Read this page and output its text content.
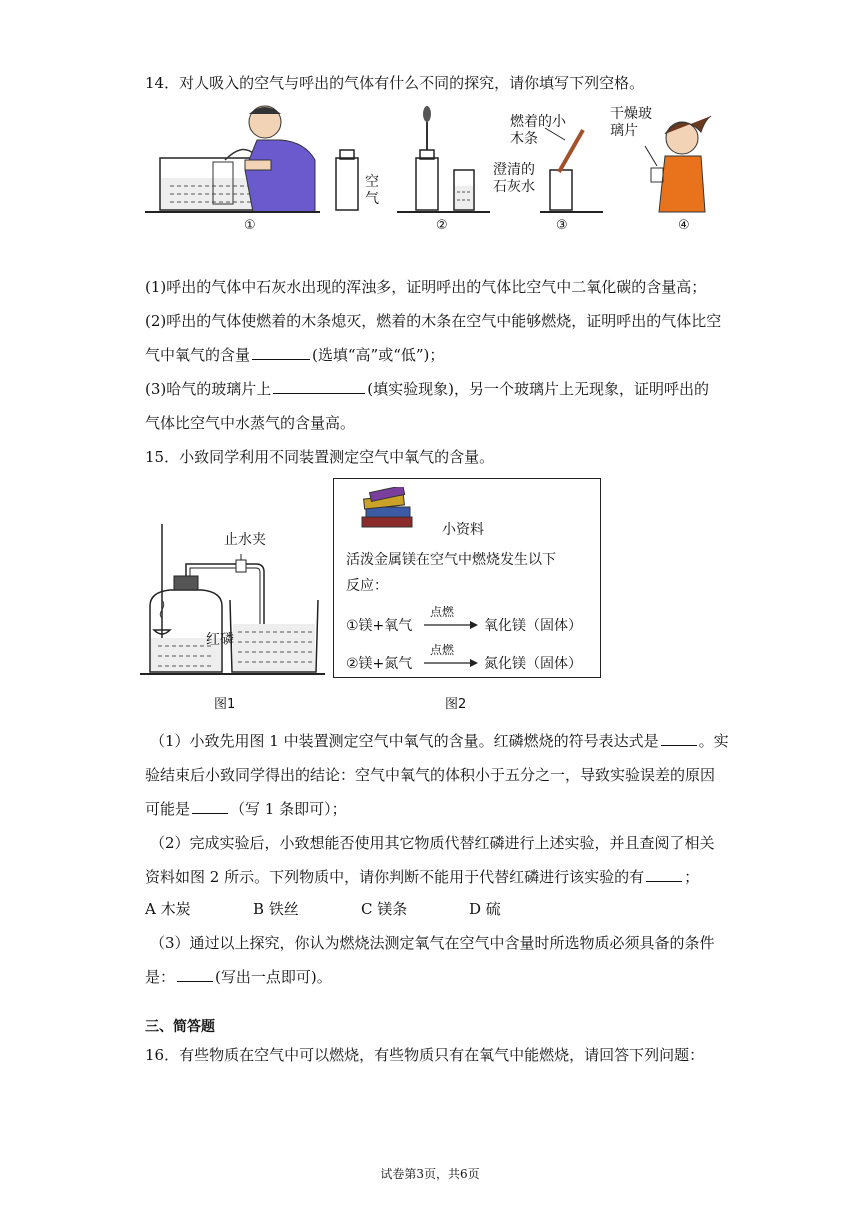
14．对人吸入的空气与呼出的气体有什么不同的探究，请你填写下列空格。
空气
澄清的石灰水
燃着的小木条
干燥玻璃片
①	②	③	④
(1)呼出的气体中石灰水出现的浑浊多，证明呼出的气体比空气中二氧化碳的含量高；
(2)呼出的气体使燃着的木条熄灭，燃着的木条在空气中能够燃烧，证明呼出的气体比空
气中氧气的含量	(选填“高”或“低”)；
(3)哈气的玻璃片上	(填实验现象)，另一个玻璃片上无现象，证明呼出的
气体比空气中水蒸气的含量高。
15．小致同学利用不同装置测定空气中氧气的含量。
止水夹
红磷
图1
小资料
活泼金属镁在空气中燃烧发生以下
反应：
①镁+氧气
点燃
→ 氧化镁（固体）
②镁+氮气
点燃
→ 氮化镁（固体）
图2
（1）小致先用图 1 中装置测定空气中氧气的含量。红磷燃烧的符号表达式是	。实
验结束后小致同学得出的结论：空气中氧气的体积小于五分之一，导致实验误差的原因
可能是	（写 1 条即可）；
（2）完成实验后，小致想能否使用其它物质代替红磷进行上述实验，并且查阅了相关
资料如图 2 所示。下列物质中，请你判断不能用于代替红磷进行该实验的有	；
A 木炭	B 铁丝	C 镁条	D 硫
（3）通过以上探究，你认为燃烧法测定氧气在空气中含量时所选物质必须具备的条件
是：	(写出一点即可)。
三、简答题
16．有些物质在空气中可以燃烧，有些物质只有在氧气中能燃烧，请回答下列问题：
试卷第3页，共6页
